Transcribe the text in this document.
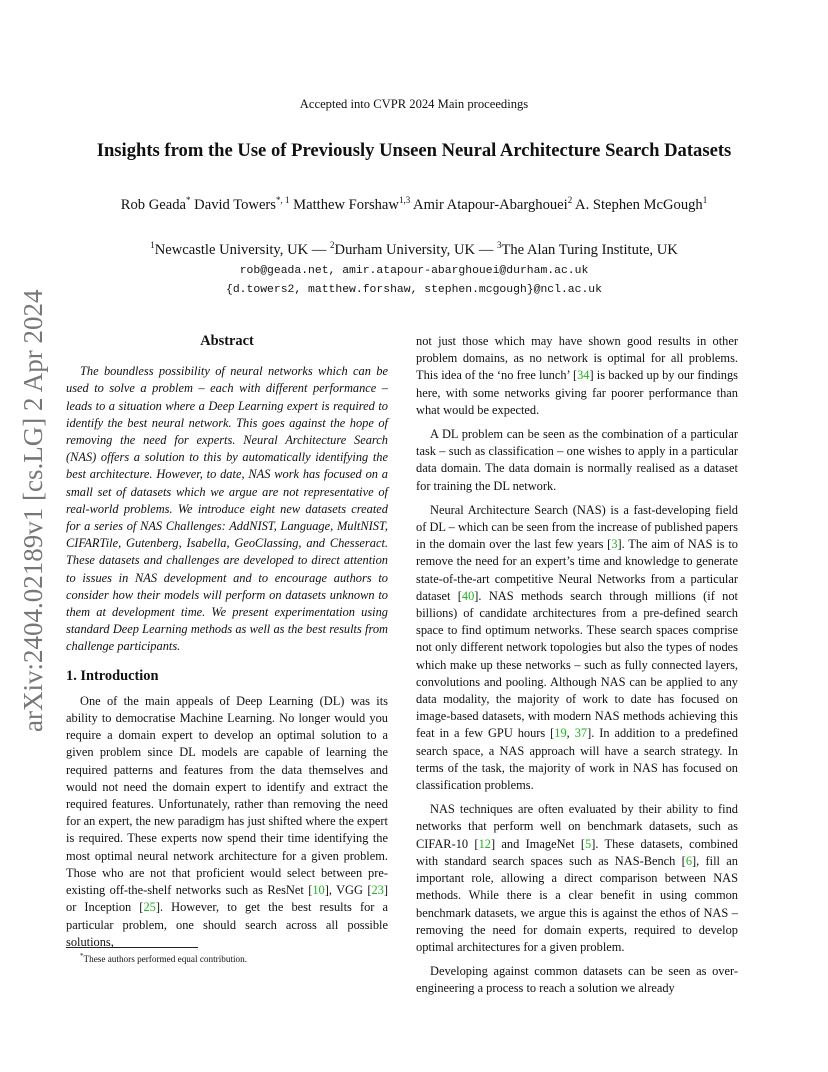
Accepted into CVPR 2024 Main proceedings
Insights from the Use of Previously Unseen Neural Architecture Search Datasets
Rob Geada* David Towers$^{*, 1}$ Matthew Forshaw$^{1,3}$ Amir Atapour-Abarghouei$^2$ A. Stephen McGough$^1$
$^1$Newcastle University, UK — $^2$Durham University, UK — $^3$The Alan Turing Institute, UK
rob@geada.net, amir.atapour-abarghouei@durham.ac.uk
{d.towers2, matthew.forshaw, stephen.mcgough}@ncl.ac.uk
arXiv:2404.02189v1 [cs.LG] 2 Apr 2024	Abstract

The boundless possibility of neural networks which can be used to solve a problem – each with different performance – leads to a situation where a Deep Learning expert is required to identify the best neural network. This goes against the hope of removing the need for experts. Neural Architecture Search (NAS) offers a solution to this by automatically identifying the best architecture. However, to date, NAS work has focused on a small set of datasets which we argue are not representative of real-world problems. We introduce eight new datasets created for a series of NAS Challenges: AddNIST, Language, MultNIST, CIFARTile, Gutenberg, Isabella, GeoClassing, and Chesseract. These datasets and challenges are developed to direct attention to issues in NAS development and to encourage authors to consider how their models will perform on datasets unknown to them at development time. We present experimentation using standard Deep Learning methods as well as the best results from challenge participants.

1. Introduction

One of the main appeals of Deep Learning (DL) was its ability to democratise Machine Learning. No longer would you require a domain expert to develop an optimal solution to a given problem since DL models are capable of learning the required patterns and features from the data themselves and would not need the domain expert to identify and extract the required features. Unfortunately, rather than removing the need for an expert, the new paradigm has just shifted where the expert is required. These experts now spend their time identifying the most optimal neural network architecture for a given problem. Those who are not that proficient would select between pre-existing off-the-shelf networks such as ResNet [10], VGG [23] or Inception [25]. However, to get the best results for a particular problem, one should search across all possible solutions,

*These authors performed equal contribution.

not just those which may have shown good results in other problem domains, as no network is optimal for all problems. This idea of the ‘no free lunch’ [34] is backed up by our findings here, with some networks giving far poorer performance than what would be expected.

A DL problem can be seen as the combination of a particular task – such as classification – one wishes to apply in a particular data domain. The data domain is normally realised as a dataset for training the DL network.

Neural Architecture Search (NAS) is a fast-developing field of DL – which can be seen from the increase of published papers in the domain over the last few years [3]. The aim of NAS is to remove the need for an expert’s time and knowledge to generate state-of-the-art competitive Neural Networks from a particular dataset [40]. NAS methods search through millions (if not billions) of candidate architectures from a pre-defined search space to find optimum networks. These search spaces comprise not only different network topologies but also the types of nodes which make up these networks – such as fully connected layers, convolutions and pooling. Although NAS can be applied to any data modality, the majority of work to date has focused on image-based datasets, with modern NAS methods achieving this feat in a few GPU hours [19, 37]. In addition to a predefined search space, a NAS approach will have a search strategy. In terms of the task, the majority of work in NAS has focused on classification problems.

NAS techniques are often evaluated by their ability to find networks that perform well on benchmark datasets, such as CIFAR-10 [12] and ImageNet [5]. These datasets, combined with standard search spaces such as NAS-Bench [6], fill an important role, allowing a direct comparison between NAS methods. While there is a clear benefit in using common benchmark datasets, we argue this is against the ethos of NAS – removing the need for domain experts, required to develop optimal architectures for a given problem.

Developing against common datasets can be seen as over-engineering a process to reach a solution we already
